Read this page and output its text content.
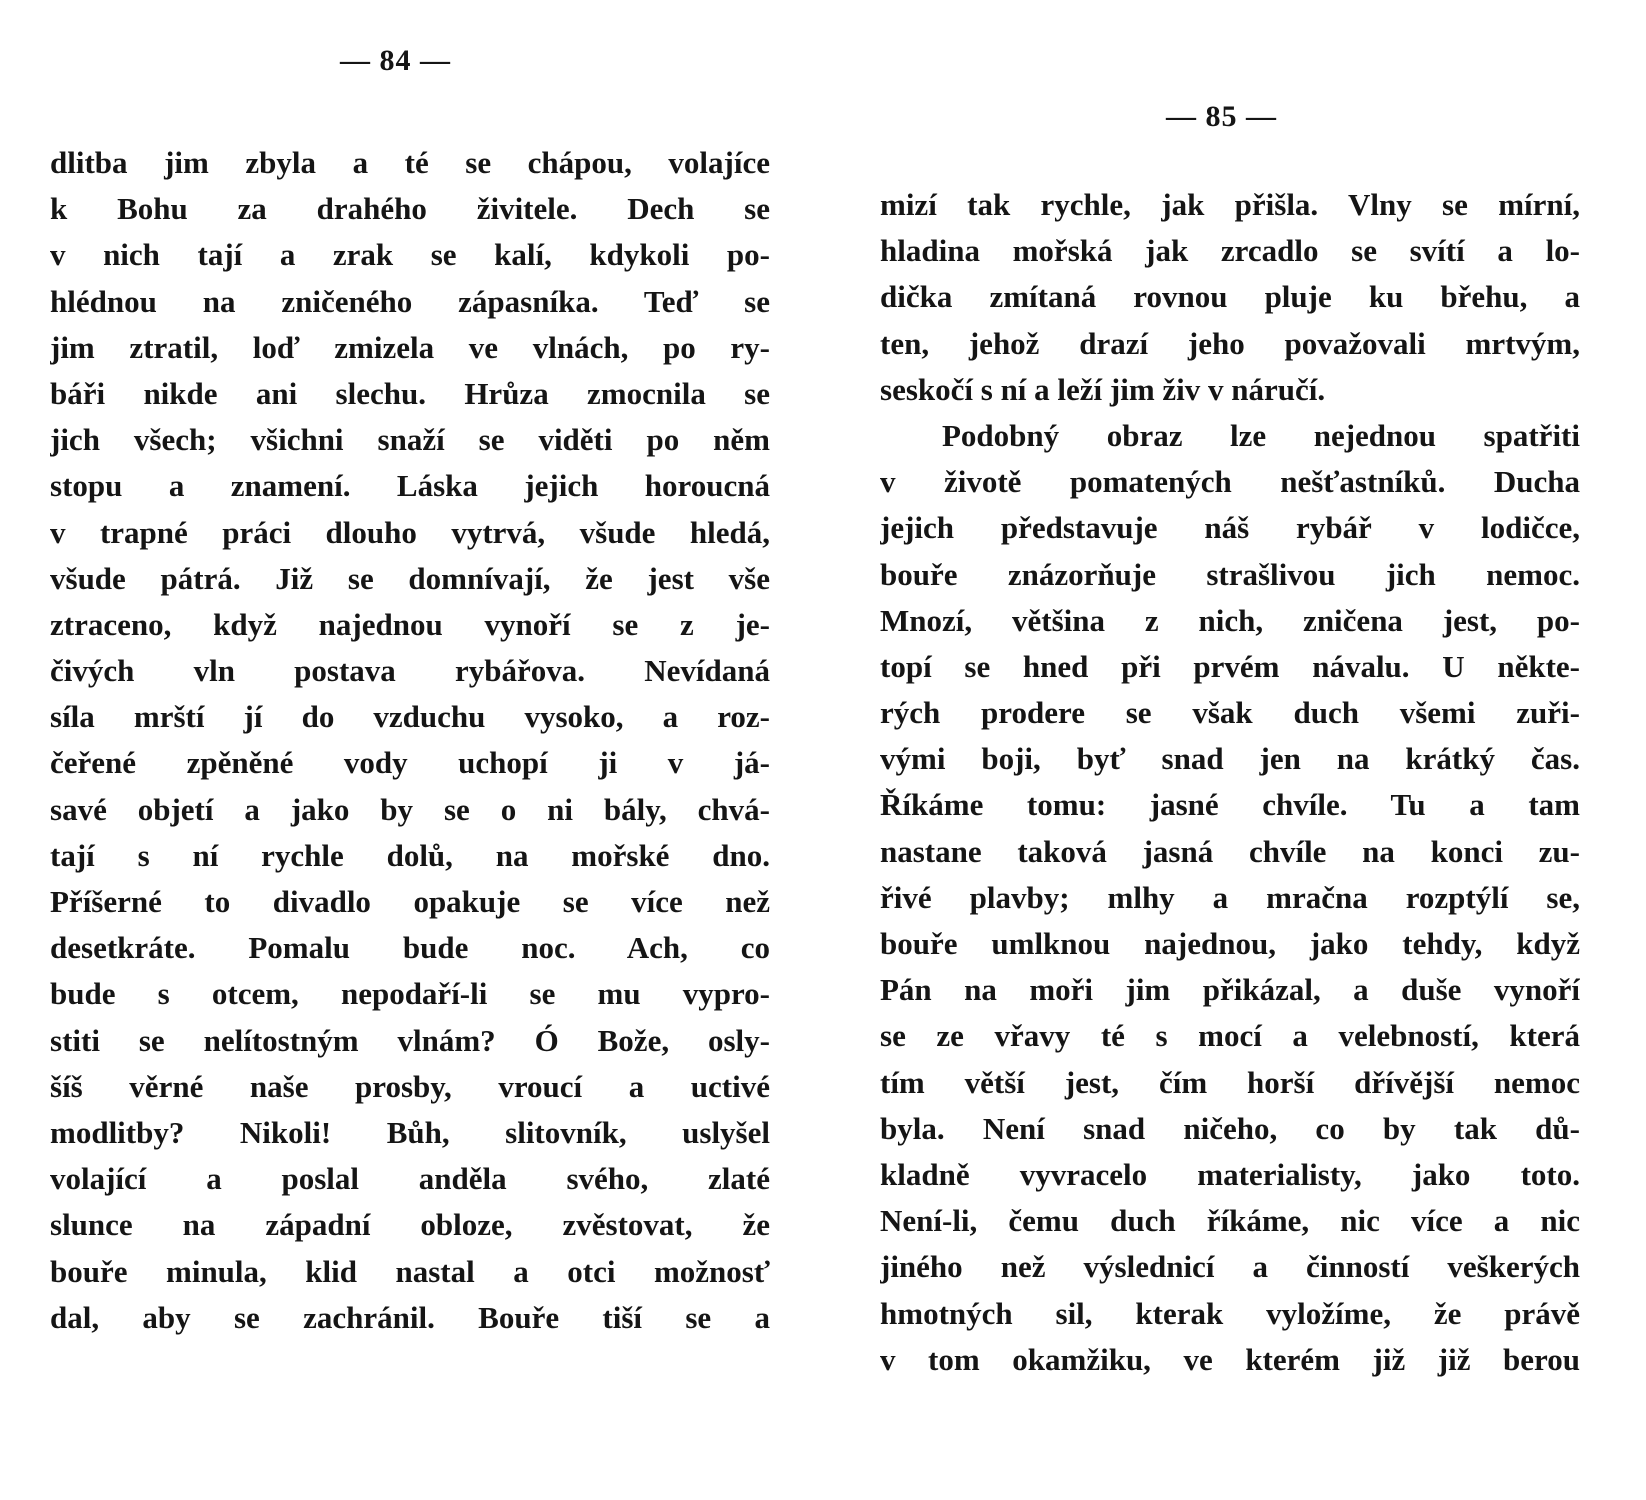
— 84 —
dlitba jim zbyla a té se chápou, volajíce
k Bohu za drahého živitele. Dech se
v nich tají a zrak se kalí, kdykoli po-
hlédnou na zničeného zápasníka. Teď se
jim ztratil, loď zmizela ve vlnách, po ry-
báři nikde ani slechu. Hrůza zmocnila se
jich všech; všichni snaží se viděti po něm
stopu a znamení. Láska jejich horoucná
v trapné práci dlouho vytrvá, všude hledá,
všude pátrá. Již se domnívají, že jest vše
ztraceno, když najednou vynoří se z je-
čivých vln postava rybářova. Nevídaná
síla mrští jí do vzduchu vysoko, a roz-
čeřené zpěněné vody uchopí ji v já-
savé objetí a jako by se o ni bály, chvá-
tají s ní rychle dolů, na mořské dno.
Příšerné to divadlo opakuje se více než
desetkráte. Pomalu bude noc. Ach, co
bude s otcem, nepodaří-li se mu vypro-
stiti se nelítostným vlnám? Ó Bože, osly-
šíš věrné naše prosby, vroucí a uctivé
modlitby? Nikoli! Bůh, slitovník, uslyšel
volající a poslal anděla svého, zlaté
slunce na západní obloze, zvěstovat, že
bouře minula, klid nastal a otci možnosť
dal, aby se zachránil. Bouře tiší se a
— 85 —
mizí tak rychle, jak přišla. Vlny se mírní,
hladina mořská jak zrcadlo se svítí a lo-
dička zmítaná rovnou pluje ku břehu, a
ten, jehož drazí jeho považovali mrtvým,
seskočí s ní a leží jim živ v náručí.
Podobný obraz lze nejednou spatřiti
v životě pomatených nešťastníků. Ducha
jejich představuje náš rybář v lodičce,
bouře znázorňuje strašlivou jich nemoc.
Mnozí, většina z nich, zničena jest, po-
topí se hned při prvém návalu. U někte-
rých prodere se však duch všemi zuři-
vými boji, byť snad jen na krátký čas.
Říkáme tomu: jasné chvíle. Tu a tam
nastane taková jasná chvíle na konci zu-
řivé plavby; mlhy a mračna rozptýlí se,
bouře umlknou najednou, jako tehdy, když
Pán na moři jim přikázal, a duše vynoří
se ze vřavy té s mocí a velebností, která
tím větší jest, čím horší dřívější nemoc
byla. Není snad ničeho, co by tak dů-
kladně vyvracelo materialisty, jako toto.
Není-li, čemu duch říkáme, nic více a nic
jiného než výslednicí a činností veškerých
hmotných sil, kterak vyložíme, že právě
v tom okamžiku, ve kterém již již berou
